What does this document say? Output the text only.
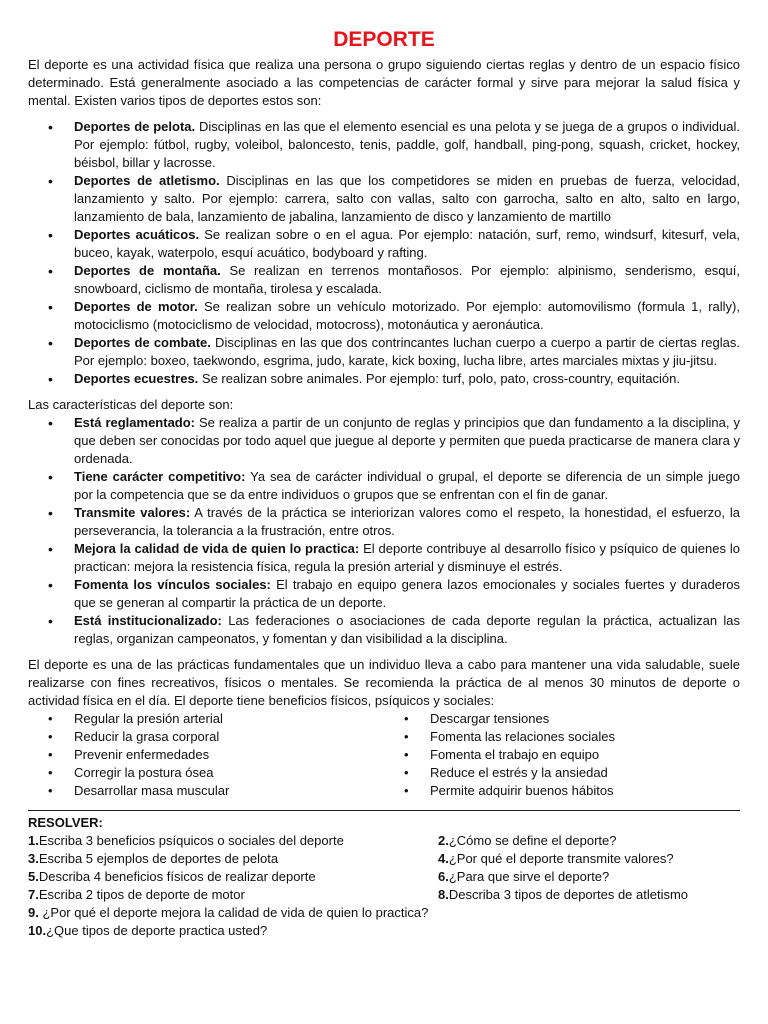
DEPORTE

El deporte es una actividad física que realiza una persona o grupo siguiendo ciertas reglas y dentro de un espacio físico determinado. Está generalmente asociado a las competencias de carácter formal y sirve para mejorar la salud física y mental. Existen varios tipos de deportes estos son:

• Deportes de pelota. Disciplinas en las que el elemento esencial es una pelota y se juega de a grupos o individual. Por ejemplo: fútbol, rugby, voleibol, baloncesto, tenis, paddle, golf, handball, ping-pong, squash, cricket, hockey, béisbol, billar y lacrosse.
• Deportes de atletismo. Disciplinas en las que los competidores se miden en pruebas de fuerza, velocidad, lanzamiento y salto. Por ejemplo: carrera, salto con vallas, salto con garrocha, salto en alto, salto en largo, lanzamiento de bala, lanzamiento de jabalina, lanzamiento de disco y lanzamiento de martillo
• Deportes acuáticos. Se realizan sobre o en el agua. Por ejemplo: natación, surf, remo, windsurf, kitesurf, vela, buceo, kayak, waterpolo, esquí acuático, bodyboard y rafting.
• Deportes de montaña. Se realizan en terrenos montañosos. Por ejemplo: alpinismo, senderismo, esquí, snowboard, ciclismo de montaña, tirolesa y escalada.
• Deportes de motor. Se realizan sobre un vehículo motorizado. Por ejemplo: automovilismo (formula 1, rally), motociclismo (motociclismo de velocidad, motocross), motonáutica y aeronáutica.
• Deportes de combate. Disciplinas en las que dos contrincantes luchan cuerpo a cuerpo a partir de ciertas reglas. Por ejemplo: boxeo, taekwondo, esgrima, judo, karate, kick boxing, lucha libre, artes marciales mixtas y jiu-jitsu.
• Deportes ecuestres. Se realizan sobre animales. Por ejemplo: turf, polo, pato, cross-country, equitación.

Las características del deporte son:

• Está reglamentado: Se realiza a partir de un conjunto de reglas y principios que dan fundamento a la disciplina, y que deben ser conocidas por todo aquel que juegue al deporte y permiten que pueda practicarse de manera clara y ordenada.
• Tiene carácter competitivo: Ya sea de carácter individual o grupal, el deporte se diferencia de un simple juego por la competencia que se da entre individuos o grupos que se enfrentan con el fin de ganar.
• Transmite valores: A través de la práctica se interiorizan valores como el respeto, la honestidad, el esfuerzo, la perseverancia, la tolerancia a la frustración, entre otros.
• Mejora la calidad de vida de quien lo practica: El deporte contribuye al desarrollo físico y psíquico de quienes lo practican: mejora la resistencia física, regula la presión arterial y disminuye el estrés.
• Fomenta los vínculos sociales: El trabajo en equipo genera lazos emocionales y sociales fuertes y duraderos que se generan al compartir la práctica de un deporte.
• Está institucionalizado: Las federaciones o asociaciones de cada deporte regulan la práctica, actualizan las reglas, organizan campeonatos, y fomentan y dan visibilidad a la disciplina.

El deporte es una de las prácticas fundamentales que un individuo lleva a cabo para mantener una vida saludable, suele realizarse con fines recreativos, físicos o mentales. Se recomienda la práctica de al menos 30 minutos de deporte o actividad física en el día. El deporte tiene beneficios físicos, psíquicos y sociales:

• Regular la presión arterial
• Reducir la grasa corporal
• Prevenir enfermedades
• Corregir la postura ósea
• Desarrollar masa muscular
• Descargar tensiones
• Fomenta las relaciones sociales
• Fomenta el trabajo en equipo
• Reduce el estrés y la ansiedad
• Permite adquirir buenos hábitos
RESOLVER:
1.Escriba 3 beneficios psíquicos o sociales del deporte	2.¿Cómo se define el deporte?
3.Escriba 5 ejemplos de deportes de pelota	4.¿Por qué el deporte transmite valores?
5.Describa 4 beneficios físicos de realizar deporte	6.¿Para que sirve el deporte?
7.Escriba 2 tipos de deporte de motor	8.Describa 3 tipos de deportes de atletismo
9. ¿Por qué el deporte mejora la calidad de vida de quien lo practica?
10.¿Que tipos de deporte practica usted?
